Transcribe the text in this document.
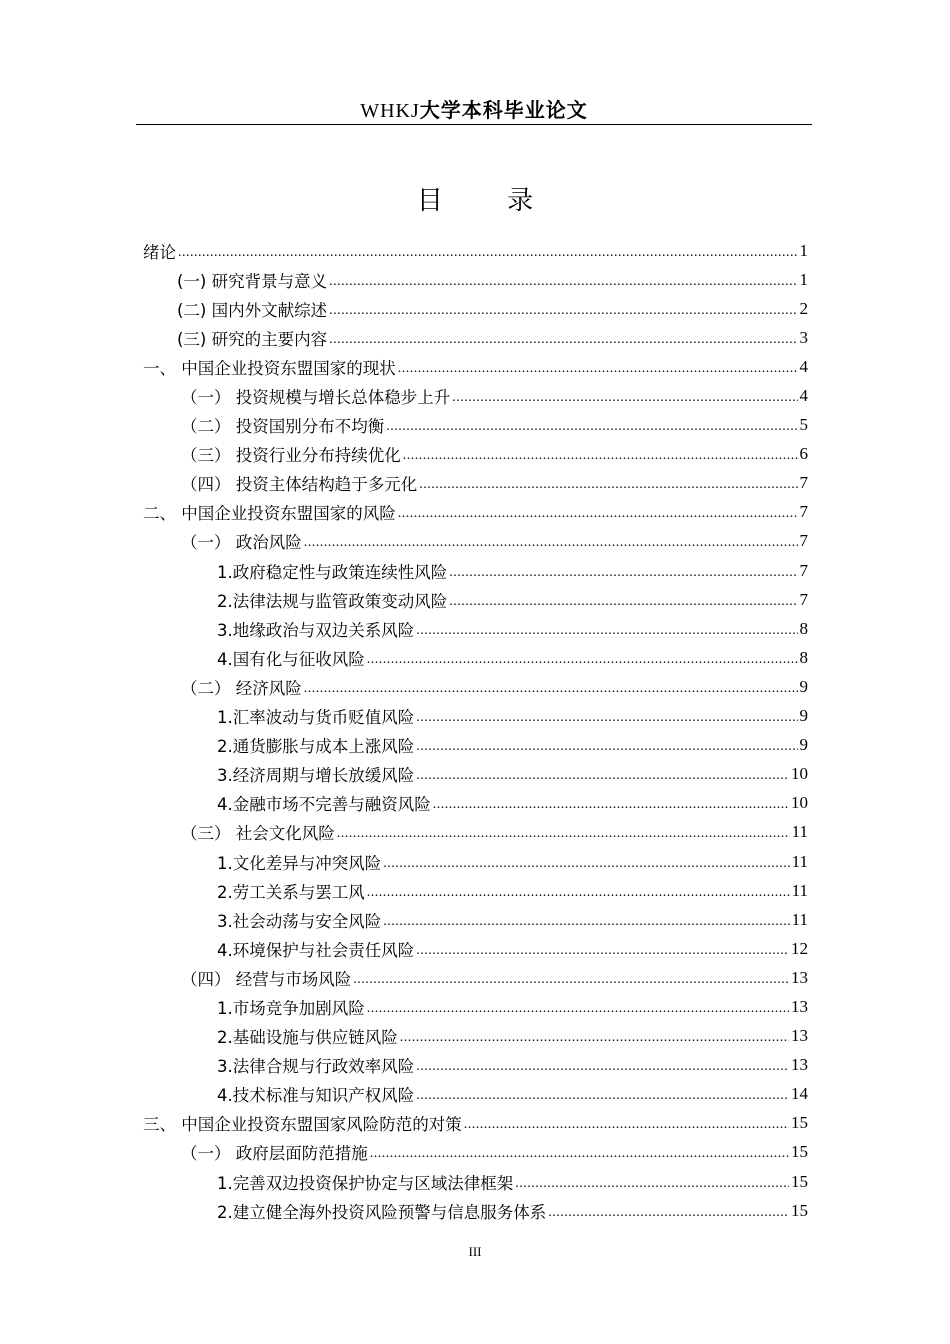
WHKJ大学本科毕业论文
目 录
绪论 .....	1
(一) 研究背景与意义 .....	1
(二) 国内外文献综述 .....	2
(三) 研究的主要内容 .....	3
一、 中国企业投资东盟国家的现状 .....	4
（一） 投资规模与增长总体稳步上升 .....	4
（二） 投资国别分布不均衡 .....	5
（三） 投资行业分布持续优化 .....	6
（四） 投资主体结构趋于多元化 .....	7
二、 中国企业投资东盟国家的风险 .....	7
（一） 政治风险 .....	7
1.政府稳定性与政策连续性风险 .....	7
2.法律法规与监管政策变动风险 .....	7
3.地缘政治与双边关系风险 .....	8
4.国有化与征收风险 .....	8
（二） 经济风险 .....	9
1.汇率波动与货币贬值风险 .....	9
2.通货膨胀与成本上涨风险 .....	9
3.经济周期与增长放缓风险 .....	10
4.金融市场不完善与融资风险 .....	10
（三） 社会文化风险 .....	11
1.文化差异与冲突风险 .....	11
2.劳工关系与罢工风 .....	11
3.社会动荡与安全风险 .....	11
4.环境保护与社会责任风险 .....	12
（四） 经营与市场风险 .....	13
1.市场竞争加剧风险 .....	13
2.基础设施与供应链风险 .....	13
3.法律合规与行政效率风险 .....	13
4.技术标准与知识产权风险 .....	14
三、 中国企业投资东盟国家风险防范的对策 .....	15
（一） 政府层面防范措施 .....	15
1.完善双边投资保护协定与区域法律框架 .....	15
2.建立健全海外投资风险预警与信息服务体系 .....	15
III
